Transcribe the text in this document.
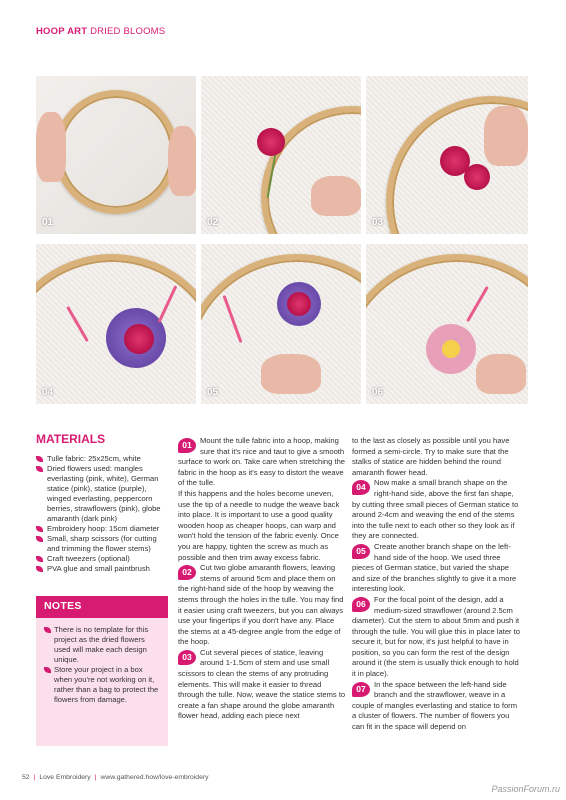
HOOP ART DRIED BLOOMS
01	02	03
04	05	06
MATERIALS
Tulle fabric: 25x25cm, white
Dried flowers used: mangles everlasting (pink, white), German statice (pink), statice (purple), winged everlasting, peppercorn berries, strawflowers (pink), globe amaranth (dark pink)
Embroidery hoop: 15cm diameter
Small, sharp scissors (for cutting and trimming the flower stems)
Craft tweezers (optional)
PVA glue and small paintbrush
NOTES
There is no template for this project as the dried flowers used will make each design unique.
Store your project in a box when you're not working on it, rather than a bag to protect the flowers from damage.
01	Mount the tulle fabric into a hoop, making sure that it's nice and taut to give a smooth surface to work on. Take care when stretching the fabric in the hoop as it's easy to distort the weave of the tulle.

If this happens and the holes become uneven, use the tip of a needle to nudge the weave back into place. It is important to use a good quality wooden hoop as cheaper hoops, can warp and won't hold the tension of the fabric evenly. Once you are happy, tighten the screw as much as possible and then trim away excess fabric.

02	Cut two globe amaranth flowers, leaving stems of around 5cm and place them on the right-hand side of the hoop by weaving the stems through the holes in the tulle. You may find it easier using craft tweezers, but you can always use your fingertips if you don't have any. Place the stems at a 45-degree angle from the edge of the hoop.

03	Cut several pieces of statice, leaving around 1-1.5cm of stem and use small scissors to clean the stems of any protruding elements. This will make it easier to thread through the tulle. Now, weave the statice stems to create a fan shape around the globe amaranth flower head, adding each piece next

to the last as closely as possible until you have formed a semi-circle. Try to make sure that the stalks of statice are hidden behind the round amaranth flower head.

04	Now make a small branch shape on the right-hand side, above the first fan shape, by cutting three small pieces of German statice to around 2-4cm and weaving the end of the stems into the tulle next to each other so they look as if they are connected.

05	Create another branch shape on the left-hand side of the hoop. We used three pieces of German statice, but varied the shape and size of the branches slightly to give it a more interesting look.

06	For the focal point of the design, add a medium-sized strawflower (around 2.5cm diameter). Cut the stem to about 5mm and push it through the tulle. You will glue this in place later to secure it, but for now, it's just helpful to have in position, so you can form the rest of the design around it (the stem is usually thick enough to hold it in place).

07	In the space between the left-hand side branch and the strawflower, weave in a couple of mangles everlasting and statice to form a cluster of flowers. The number of flowers you can fit in the space will depend on

52 | Love Embroidery | www.gathered.how/love-embroidery
PassionForum.ru
